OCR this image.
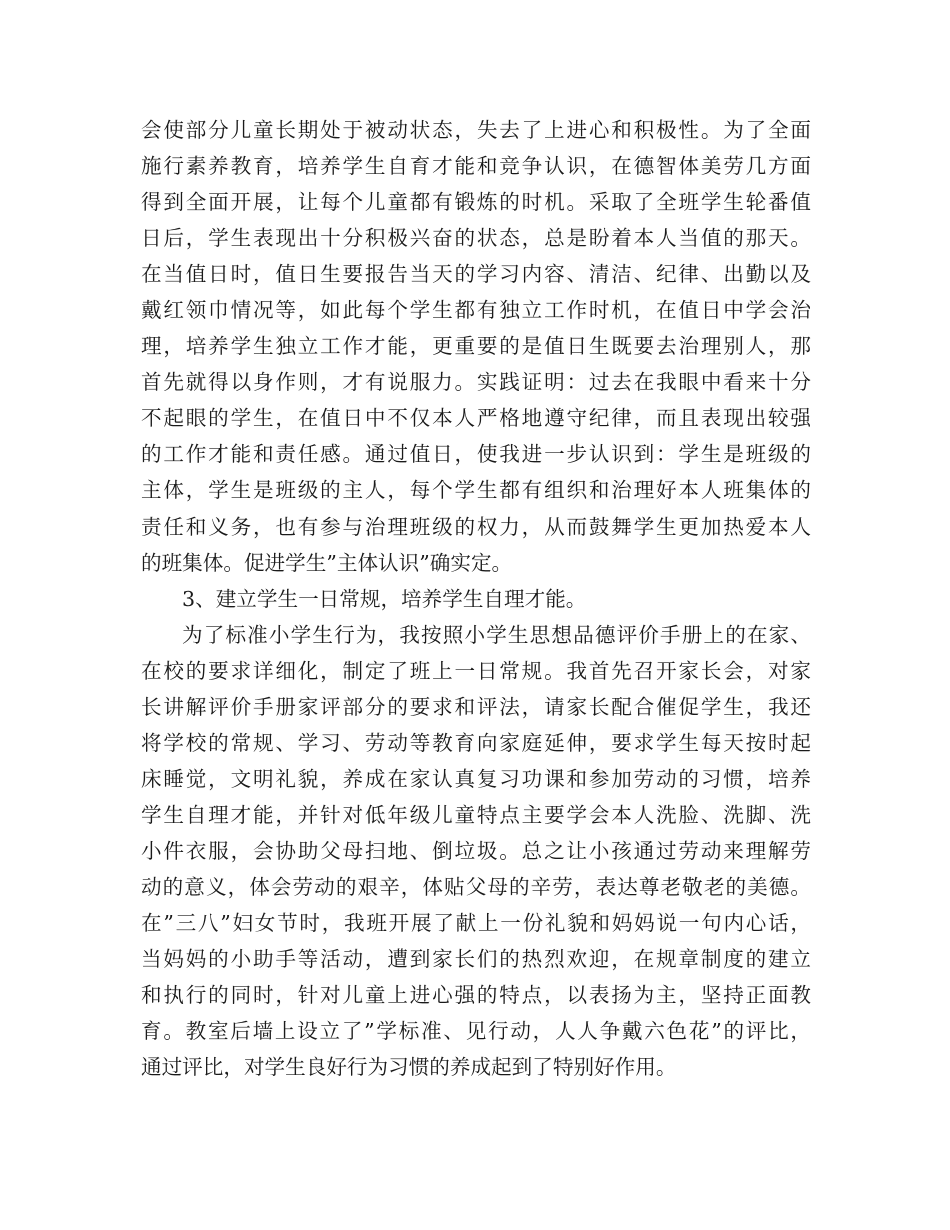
会使部分儿童长期处于被动状态，失去了上进心和积极性。为了全面
施行素养教育，培养学生自育才能和竞争认识，在德智体美劳几方面
得到全面开展，让每个儿童都有锻炼的时机。采取了全班学生轮番值
日后，学生表现出十分积极兴奋的状态，总是盼着本人当值的那天。
在当值日时，值日生要报告当天的学习内容、清洁、纪律、出勤以及
戴红领巾情况等，如此每个学生都有独立工作时机，在值日中学会治
理，培养学生独立工作才能，更重要的是值日生既要去治理别人，那
首先就得以身作则，才有说服力。实践证明：过去在我眼中看来十分
不起眼的学生，在值日中不仅本人严格地遵守纪律，而且表现出较强
的工作才能和责任感。通过值日，使我进一步认识到：学生是班级的
主体，学生是班级的主人，每个学生都有组织和治理好本人班集体的
责任和义务，也有参与治理班级的权力，从而鼓舞学生更加热爱本人
的班集体。促进学生”主体认识”确实定。
3、建立学生一日常规，培养学生自理才能。
为了标准小学生行为，我按照小学生思想品德评价手册上的在家、
在校的要求详细化，制定了班上一日常规。我首先召开家长会，对家
长讲解评价手册家评部分的要求和评法，请家长配合催促学生，我还
将学校的常规、学习、劳动等教育向家庭延伸，要求学生每天按时起
床睡觉，文明礼貌，养成在家认真复习功课和参加劳动的习惯，培养
学生自理才能，并针对低年级儿童特点主要学会本人洗脸、洗脚、洗
小件衣服，会协助父母扫地、倒垃圾。总之让小孩通过劳动来理解劳
动的意义，体会劳动的艰辛，体贴父母的辛劳，表达尊老敬老的美德。
在”三八”妇女节时，我班开展了献上一份礼貌和妈妈说一句内心话，
当妈妈的小助手等活动，遭到家长们的热烈欢迎，在规章制度的建立
和执行的同时，针对儿童上进心强的特点，以表扬为主，坚持正面教
育。教室后墙上设立了”学标准、见行动，人人争戴六色花”的评比，
通过评比，对学生良好行为习惯的养成起到了特别好作用。
